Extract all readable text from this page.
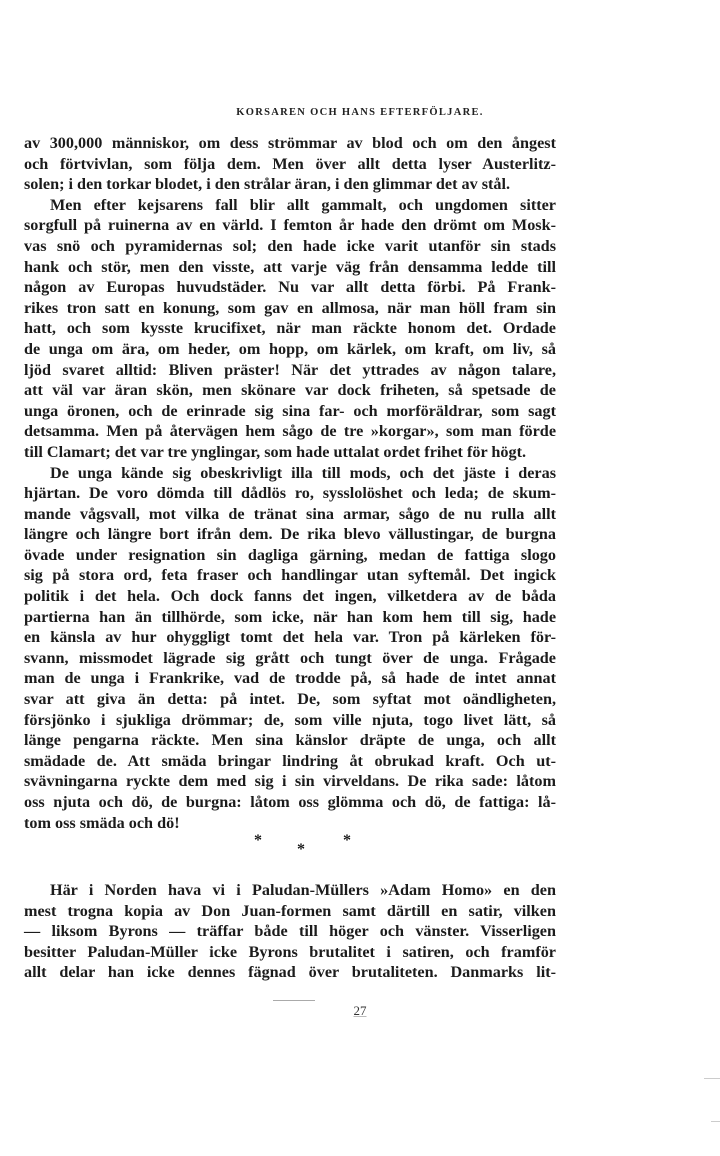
KORSAREN OCH HANS EFTERFÖLJARE.
av 300,000 människor, om dess strömmar av blod och om den ångest
och förtvivlan, som följa dem. Men över allt detta lyser Austerlitz-
solen; i den torkar blodet, i den strålar äran, i den glimmar det av stål.
Men efter kejsarens fall blir allt gammalt, och ungdomen sitter
sorgfull på ruinerna av en värld. I femton år hade den drömt om Mosk-
vas snö och pyramidernas sol; den hade icke varit utanför sin stads
hank och stör, men den visste, att varje väg från densamma ledde till
någon av Europas huvudstäder. Nu var allt detta förbi. På Frank-
rikes tron satt en konung, som gav en allmosa, när man höll fram sin
hatt, och som kysste krucifixet, när man räckte honom det. Ordade
de unga om ära, om heder, om hopp, om kärlek, om kraft, om liv, så
ljöd svaret alltid: Bliven präster! När det yttrades av någon talare,
att väl var äran skön, men skönare var dock friheten, så spetsade de
unga öronen, och de erinrade sig sina far- och morföräldrar, som sagt
detsamma. Men på återvägen hem sågo de tre »korgar», som man förde
till Clamart; det var tre ynglingar, som hade uttalat ordet frihet för högt.
De unga kände sig obeskrivligt illa till mods, och det jäste i deras
hjärtan. De voro dömda till dådlös ro, sysslolöshet och leda; de skum-
mande vågsvall, mot vilka de tränat sina armar, sågo de nu rulla allt
längre och längre bort ifrån dem. De rika blevo vällustingar, de burgna
övade under resignation sin dagliga gärning, medan de fattiga slogo
sig på stora ord, feta fraser och handlingar utan syftemål. Det ingick
politik i det hela. Och dock fanns det ingen, vilketdera av de båda
partierna han än tillhörde, som icke, när han kom hem till sig, hade
en känsla av hur ohyggligt tomt det hela var. Tron på kärleken för-
svann, missmodet lägrade sig grått och tungt över de unga. Frågade
man de unga i Frankrike, vad de trodde på, så hade de intet annat
svar att giva än detta: på intet. De, som syftat mot oändligheten,
försjönko i sjukliga drömmar; de, som ville njuta, togo livet lätt, så
länge pengarna räckte. Men sina känslor dräpte de unga, och allt
smädade de. Att smäda bringar lindring åt obrukad kraft. Och ut-
svävningarna ryckte dem med sig i sin virveldans. De rika sade: låtom
oss njuta och dö, de burgna: låtom oss glömma och dö, de fattiga: lå-
tom oss smäda och dö!
*
*
*
Här i Norden hava vi i Paludan-Müllers »Adam Homo» en den
mest trogna kopia av Don Juan-formen samt därtill en satir, vilken
— liksom Byrons — träffar både till höger och vänster. Visserligen
besitter Paludan-Müller icke Byrons brutalitet i satiren, och framför
allt delar han icke dennes fägnad över brutaliteten. Danmarks lit-
27
